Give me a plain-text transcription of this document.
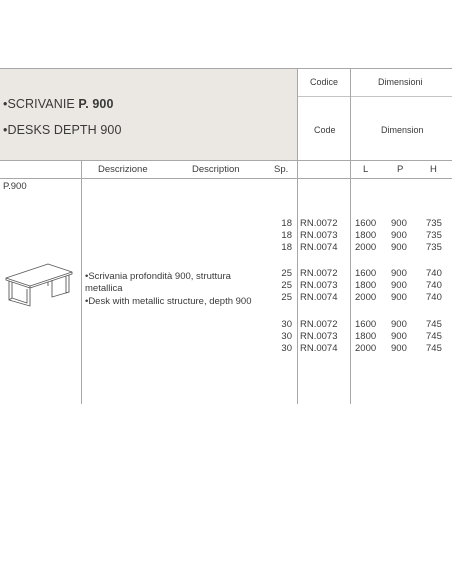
•SCRIVANIE P. 900
•DESKS DEPTH 900
Codice
Code
Dimensioni
Dimension
Descrizione	Description	Sp.	L	P	H
P.900
•Scrivania profondità 900, struttura
metallica
•Desk with metallic structure, depth 900
18 RN.0072 1600 900 735
18 RN.0073 1800 900 735
18 RN.0074 2000 900 735
25 RN.0072 1600 900 740
25 RN.0073 1800 900 740
25 RN.0074 2000 900 740
30 RN.0072 1600 900 745
30 RN.0073 1800 900 745
30 RN.0074 2000 900 745
